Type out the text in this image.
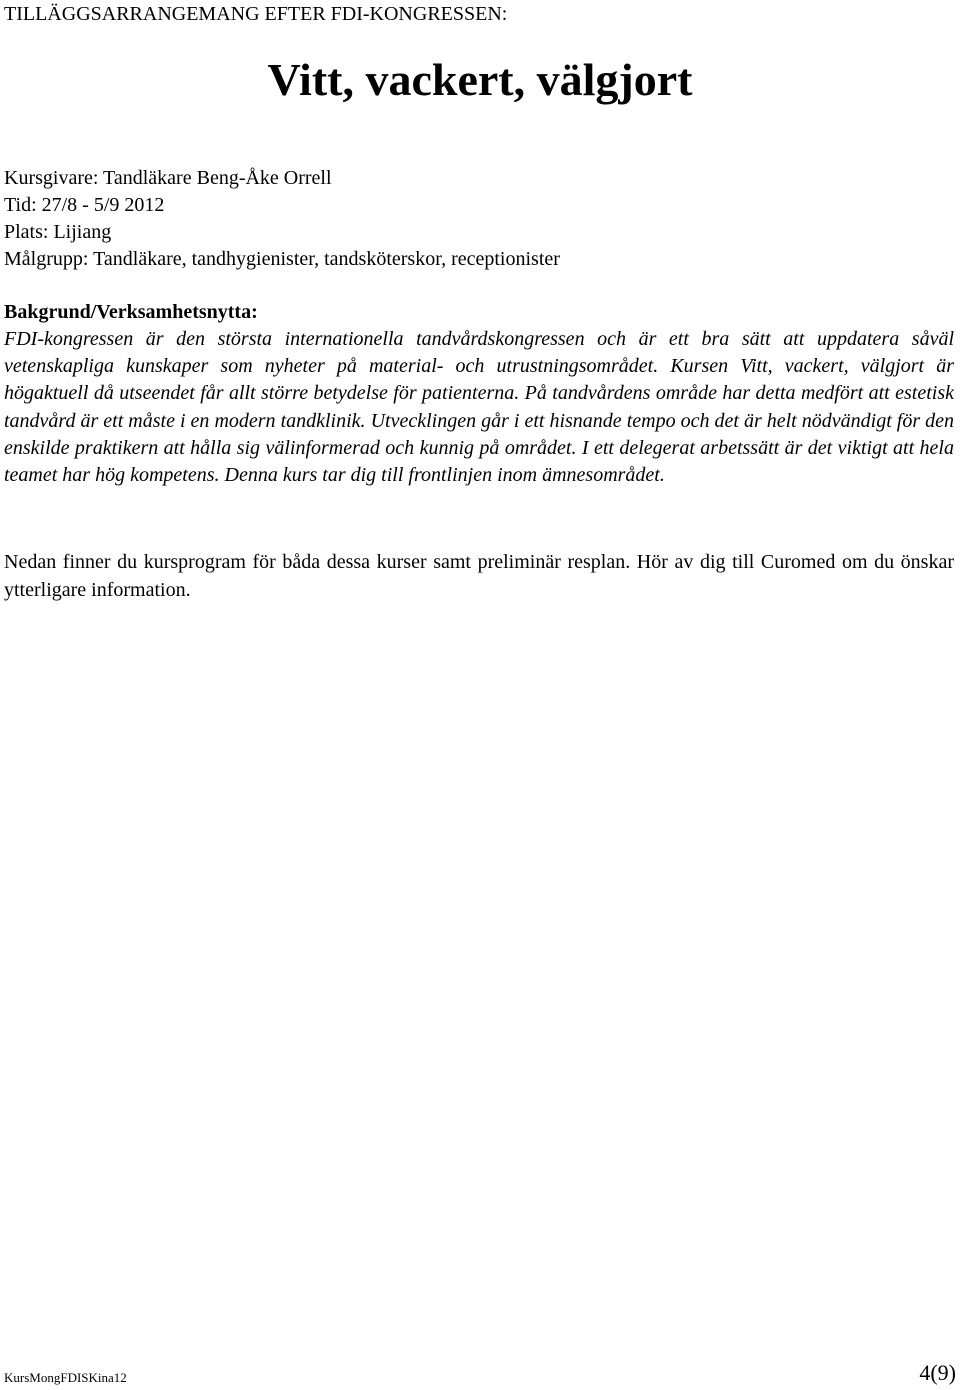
TILLÄGGSARRANGEMANG EFTER FDI-KONGRESSEN:
Vitt, vackert, välgjort
Kursgivare: Tandläkare Beng-Åke Orrell
Tid: 27/8 - 5/9 2012
Plats: Lijiang
Målgrupp: Tandläkare, tandhygienister, tandsköterskor, receptionister
Bakgrund/Verksamhetsnytta:

FDI-kongressen är den största internationella tandvårdskongressen och är ett bra sätt att uppdatera såväl vetenskapliga kunskaper som nyheter på material- och utrustningsområdet. Kursen Vitt, vackert, välgjort är högaktuell då utseendet får allt större betydelse för patienterna. På tandvårdens område har detta medfört att estetisk tandvård är ett måste i en modern tandklinik. Utvecklingen går i ett hisnande tempo och det är helt nödvändigt för den enskilde praktikern att hålla sig välinformerad och kunnig på området. I ett delegerat arbetssätt är det viktigt att hela teamet har hög kompetens. Denna kurs tar dig till frontlinjen inom ämnesområdet.

Nedan finner du kursprogram för båda dessa kurser samt preliminär resplan. Hör av dig till Curomed om du önskar ytterligare information.

KursMongFDISKina12	4(9)
